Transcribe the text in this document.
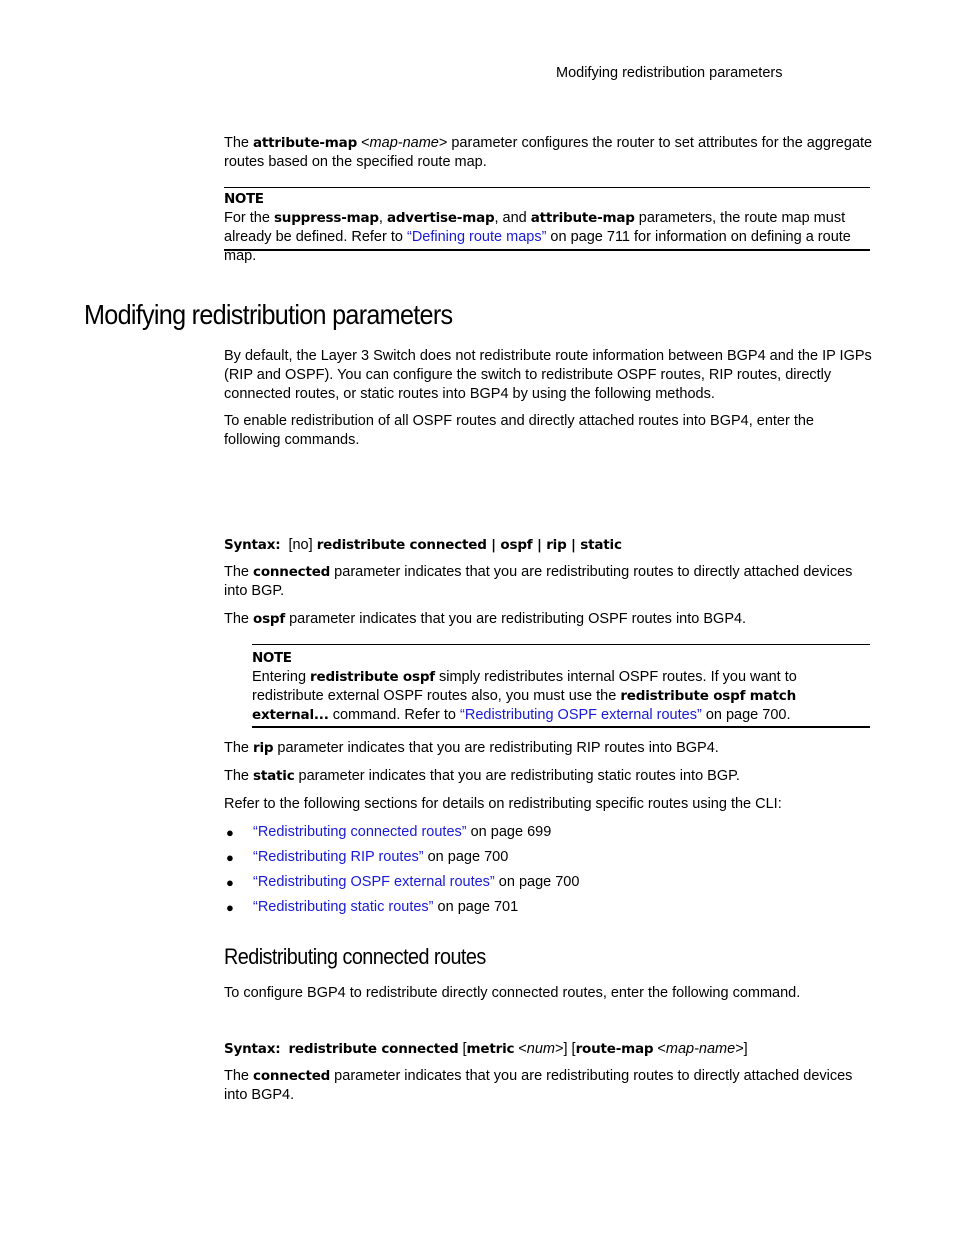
Modifying redistribution parameters

The attribute-map <map-name> parameter configures the router to set attributes for the aggregate routes based on the specified route map.

NOTE

For the suppress-map, advertise-map, and attribute-map parameters, the route map must already be defined. Refer to “Defining route maps” on page 711 for information on defining a route map.

Modifying redistribution parameters

By default, the Layer 3 Switch does not redistribute route information between BGP4 and the IP IGPs (RIP and OSPF). You can configure the switch to redistribute OSPF routes, RIP routes, directly connected routes, or static routes into BGP4 by using the following methods.

To enable redistribution of all OSPF routes and directly attached routes into BGP4, enter the following commands.

Syntax: [no] redistribute connected | ospf | rip | static

The connected parameter indicates that you are redistributing routes to directly attached devices into BGP.

The ospf parameter indicates that you are redistributing OSPF routes into BGP4.

NOTE

Entering redistribute ospf simply redistributes internal OSPF routes. If you want to redistribute external OSPF routes also, you must use the redistribute ospf match external... command. Refer to “Redistributing OSPF external routes” on page 700.

The rip parameter indicates that you are redistributing RIP routes into BGP4.

The static parameter indicates that you are redistributing static routes into BGP.

Refer to the following sections for details on redistributing specific routes using the CLI:

● “Redistributing connected routes” on page 699
● “Redistributing RIP routes” on page 700
● “Redistributing OSPF external routes” on page 700
● “Redistributing static routes” on page 701
Redistributing connected routes

To configure BGP4 to redistribute directly connected routes, enter the following command.

Syntax: redistribute connected [metric <num>] [route-map <map-name>]

The connected parameter indicates that you are redistributing routes to directly attached devices into BGP4.
